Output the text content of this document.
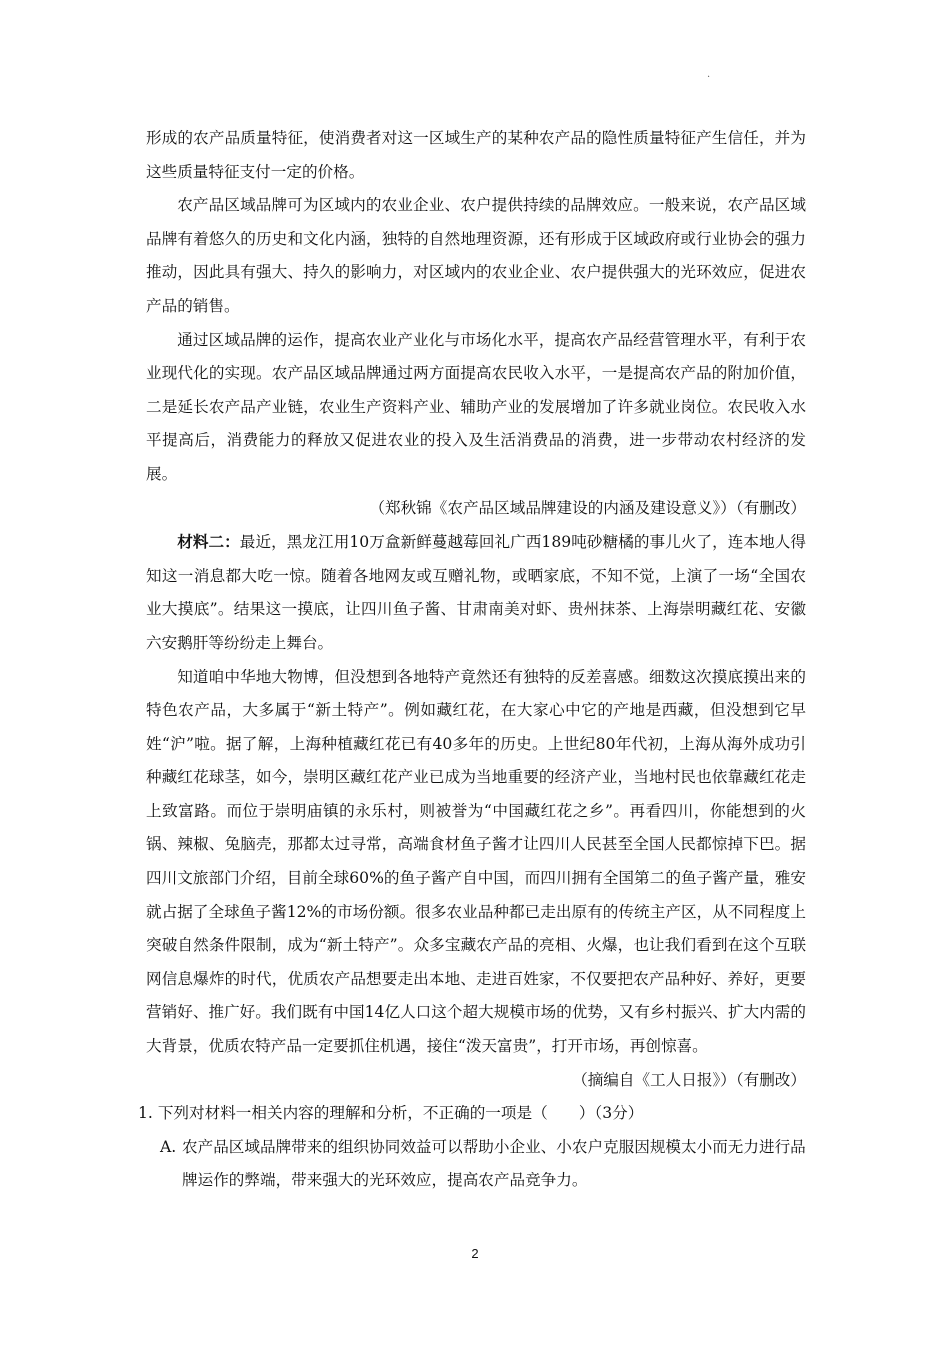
·

形成的农产品质量特征，使消费者对这一区域生产的某种农产品的隐性质量特征产生信任，并为这些质量特征支付一定的价格。

农产品区域品牌可为区域内的农业企业、农户提供持续的品牌效应。一般来说，农产品区域品牌有着悠久的历史和文化内涵，独特的自然地理资源，还有形成于区域政府或行业协会的强力推动，因此具有强大、持久的影响力，对区域内的农业企业、农户提供强大的光环效应，促进农产品的销售。

通过区域品牌的运作，提高农业产业化与市场化水平，提高农产品经营管理水平，有利于农业现代化的实现。农产品区域品牌通过两方面提高农民收入水平，一是提高农产品的附加价值，二是延长农产品产业链，农业生产资料产业、辅助产业的发展增加了许多就业岗位。农民收入水平提高后，消费能力的释放又促进农业的投入及生活消费品的消费，进一步带动农村经济的发展。

（郑秋锦《农产品区域品牌建设的内涵及建设意义》）（有删改）

材料二：最近，黑龙江用10万盒新鲜蔓越莓回礼广西189吨砂糖橘的事儿火了，连本地人得知这一消息都大吃一惊。随着各地网友或互赠礼物，或晒家底，不知不觉，上演了一场“全国农业大摸底”。结果这一摸底，让四川鱼子酱、甘肃南美对虾、贵州抹茶、上海崇明藏红花、安徽六安鹅肝等纷纷走上舞台。

知道咱中华地大物博，但没想到各地特产竟然还有独特的反差喜感。细数这次摸底摸出来的特色农产品，大多属于“新土特产”。例如藏红花，在大家心中它的产地是西藏，但没想到它早姓“沪”啦。据了解，上海种植藏红花已有40多年的历史。上世纪80年代初，上海从海外成功引种藏红花球茎，如今，崇明区藏红花产业已成为当地重要的经济产业，当地村民也依靠藏红花走上致富路。而位于崇明庙镇的永乐村，则被誉为“中国藏红花之乡”。再看四川，你能想到的火锅、辣椒、兔脑壳，那都太过寻常，高端食材鱼子酱才让四川人民甚至全国人民都惊掉下巴。据四川文旅部门介绍，目前全球60%的鱼子酱产自中国，而四川拥有全国第二的鱼子酱产量，雅安就占据了全球鱼子酱12%的市场份额。很多农业品种都已走出原有的传统主产区，从不同程度上突破自然条件限制，成为“新土特产”。众多宝藏农产品的亮相、火爆，也让我们看到在这个互联网信息爆炸的时代，优质农产品想要走出本地、走进百姓家，不仅要把农产品种好、养好，更要营销好、推广好。我们既有中国14亿人口这个超大规模市场的优势，又有乡村振兴、扩大内需的大背景，优质农特产品一定要抓住机遇，接住“泼天富贵”，打开市场，再创惊喜。

（摘编自《工人日报》）（有删改）

1. 下列对材料一相关内容的理解和分析，不正确的一项是（　　）（3分）

A. 农产品区域品牌带来的组织协同效益可以帮助小企业、小农户克服因规模太小而无力进行品牌运作的弊端，带来强大的光环效应，提高农产品竞争力。
2
